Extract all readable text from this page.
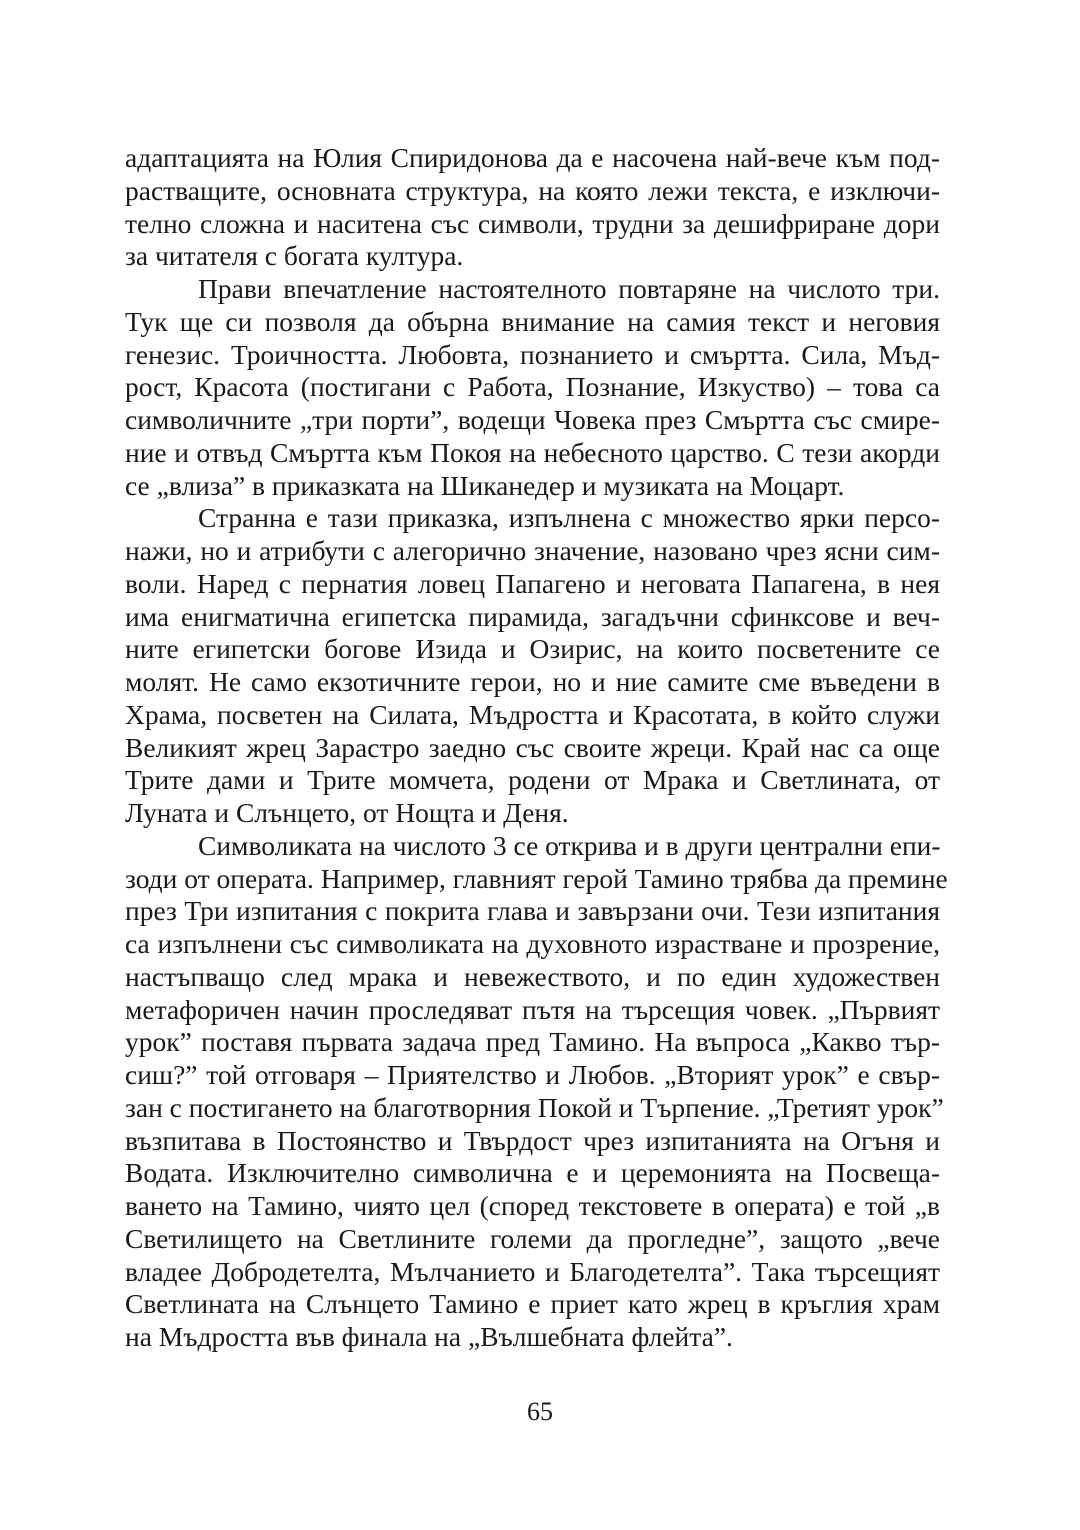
адаптацията на Юлия Спиридонова да е насочена най-вече към под-
растващите, основната структура, на която лежи текста, е изключи-
телно сложна и наситена със символи, трудни за дешифриране дори
за читателя с богата култура.
Прави впечатление настоятелното повтаряне на числото три.
Тук ще си позволя да обърна внимание на самия текст и неговия
генезис. Троичността. Любовта, познанието и смъртта. Сила, Мъд-
рост, Красота (постигани с Работа, Познание, Изкуство) – това са
символичните „три порти”, водещи Човека през Смъртта със смире-
ние и отвъд Смъртта към Покоя на небесното царство. С тези акорди
се „влиза” в приказката на Шиканедер и музиката на Моцарт.
Странна е тази приказка, изпълнена с множество ярки персо-
нажи, но и атрибути с алегорично значение, назовано чрез ясни сим-
воли. Наред с пернатия ловец Папагено и неговата Папагена, в нея
има енигматична египетска пирамида, загадъчни сфинксове и веч-
ните египетски богове Изида и Озирис, на които посветените се
молят. Не само екзотичните герои, но и ние самите сме въведени в
Храма, посветен на Силата, Мъдростта и Красотата, в който служи
Великият жрец Зарастро заедно със своите жреци. Край нас са още
Трите дами и Трите момчета, родени от Мрака и Светлината, от
Луната и Слънцето, от Нощта и Деня.
Символиката на числото 3 се открива и в други централни епи-
зоди от операта. Например, главният герой Тамино трябва да премине
през Три изпитания с покрита глава и завързани очи. Тези изпитания
са изпълнени със символиката на духовното израстване и прозрение,
настъпващо след мрака и невежеството, и по един художествен
метафоричен начин проследяват пътя на търсещия човек. „Първият
урок” поставя първата задача пред Тамино. На въпроса „Какво тър-
сиш?” той отговаря – Приятелство и Любов. „Вторият урок” е свър-
зан с постигането на благотворния Покой и Търпение. „Третият урок”
възпитава в Постоянство и Твърдост чрез изпитанията на Огъня и
Водата. Изключително символична е и церемонията на Посвеща-
ването на Тамино, чиято цел (според текстовете в операта) е той „в
Светилището на Светлините големи да прогледне”, защото „вече
владее Добродетелта, Мълчанието и Благодетелта”. Така търсещият
Светлината на Слънцето Тамино е приет като жрец в кръглия храм
на Мъдростта във финала на „Вълшебната флейта”.
65
